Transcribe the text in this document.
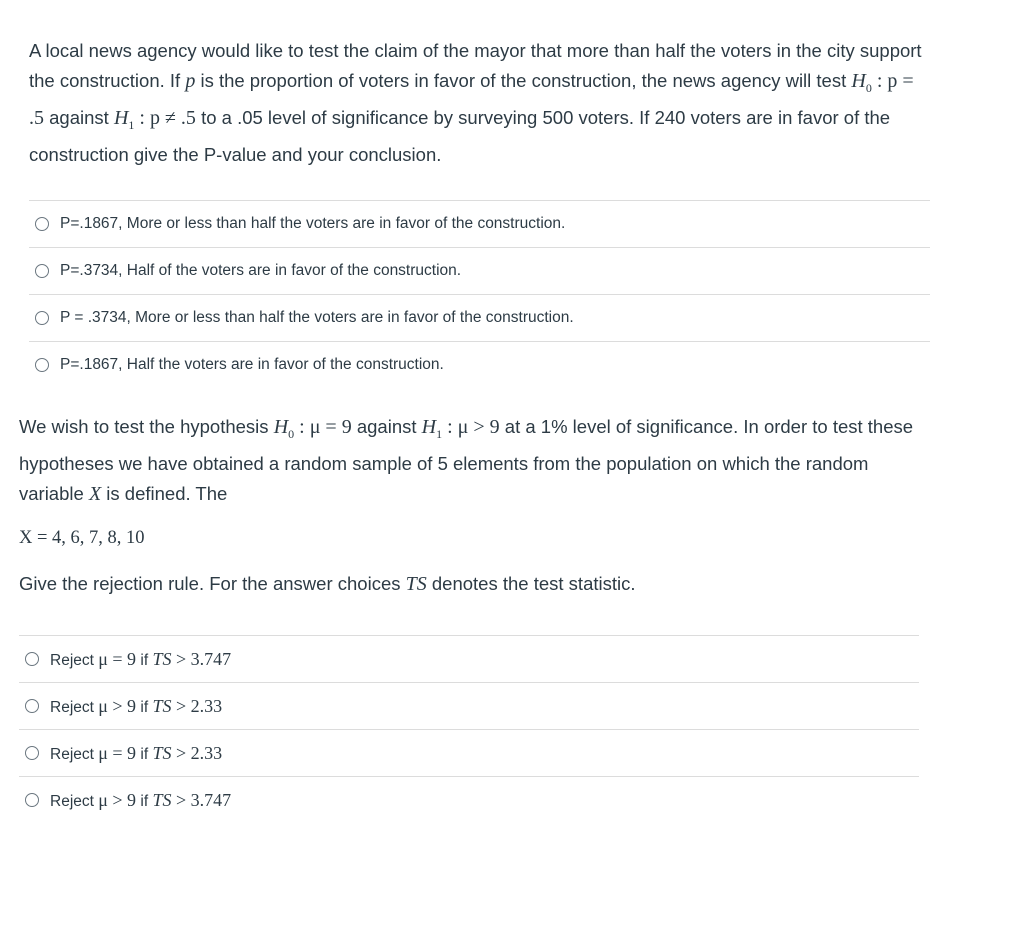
A local news agency would like to test the claim of the mayor that more than half the voters in the city support the construction. If p is the proportion of voters in favor of the construction, the news agency will test $H_0$ : p = .5 against $H_1$ : p ≠ .5 to a .05 level of significance by surveying 500 voters. If 240 voters are in favor of the construction give the P-value and your conclusion.

P=.1867, More or less than half the voters are in favor of the construction.
P=.3734, Half of the voters are in favor of the construction.
P = .3734, More or less than half the voters are in favor of the construction.
P=.1867, Half the voters are in favor of the construction.

We wish to test the hypothesis $H_0$ : μ = 9 against $H_1$ : μ > 9 at a 1% level of significance. In order to test these hypotheses we have obtained a random sample of 5 elements from the population on which the random variable X is defined. The

X = 4, 6, 7, 8, 10

Give the rejection rule. For the answer choices TS denotes the test statistic.

Reject μ = 9 if TS > 3.747
Reject μ > 9 if TS > 2.33
Reject μ = 9 if TS > 2.33
Reject μ > 9 if TS > 3.747
